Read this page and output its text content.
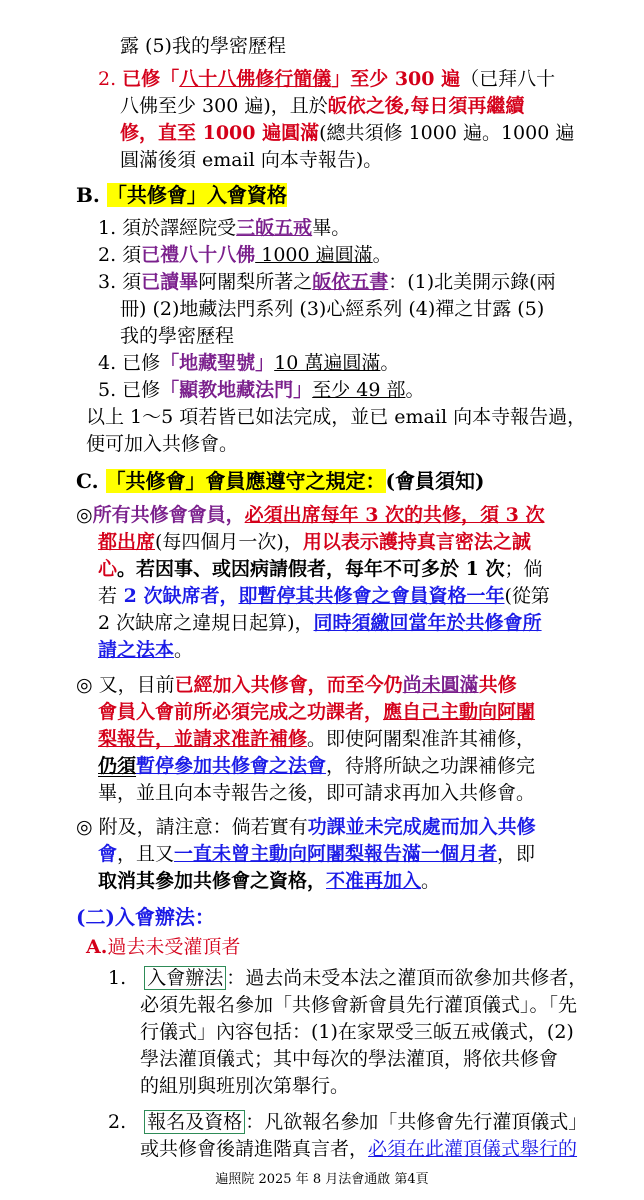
露 (5)我的學密歷程
2. 已修「八十八佛修行簡儀」至少 300 遍（已拜八十
八佛至少 300 遍)，且於皈依之後,每日須再繼續
修，直至 1000 遍圓滿(總共須修 1000 遍。1000 遍
圓滿後須 email 向本寺報告)。
B. 「共修會」入會資格
1. 須於譯經院受三皈五戒畢。
2. 須已禮八十八佛 1000 遍圓滿。
3. 須已讀畢阿闍梨所著之皈依五書：(1)北美開示錄(兩
冊) (2)地藏法門系列 (3)心經系列 (4)禪之甘露 (5)
我的學密歷程
4. 已修「地藏聖號」10 萬遍圓滿。
5. 已修「顯教地藏法門」至少 49 部。
以上 1～5 項若皆已如法完成，並已 email 向本寺報告過，
便可加入共修會。
C. 「共修會」會員應遵守之規定：(會員須知)
◎所有共修會會員，必須出席每年 3 次的共修，須 3 次
都出席(每四個月一次)，用以表示護持真言密法之誠
心。若因事、或因病請假者，每年不可多於 1 次；倘
若 2 次缺席者，即暫停其共修會之會員資格一年(從第
2 次缺席之違規日起算)，同時須繳回當年於共修會所
請之法本。
◎ 又，目前已經加入共修會，而至今仍尚未圓滿共修
會員入會前所必須完成之功課者，應自己主動向阿闍
梨報告，並請求准許補修。即使阿闍梨准許其補修，
仍須暫停參加共修會之法會，待將所缺之功課補修完
畢，並且向本寺報告之後，即可請求再加入共修會。
◎ 附及，請注意：倘若實有功課並未完成處而加入共修
會，且又一直未曾主動向阿闍梨報告滿一個月者，即
取消其參加共修會之資格，不准再加入。
(二)入會辦法：
A.過去未受灌頂者
1. 入會辦法 ：過去尚未受本法之灌頂而欲參加共修者，
必須先報名參加「共修會新會員先行灌頂儀式」。「先
行儀式」內容包括：(1)在家眾受三皈五戒儀式，(2)
學法灌頂儀式；其中每次的學法灌頂，將依共修會
的組別與班別次第舉行。
2. 報名及資格 ：凡欲報名參加「共修會先行灌頂儀式」
或共修會後請進階真言者，必須在此灌頂儀式舉行的
遍照院 2025 年 8 月法會通啟 第4頁
